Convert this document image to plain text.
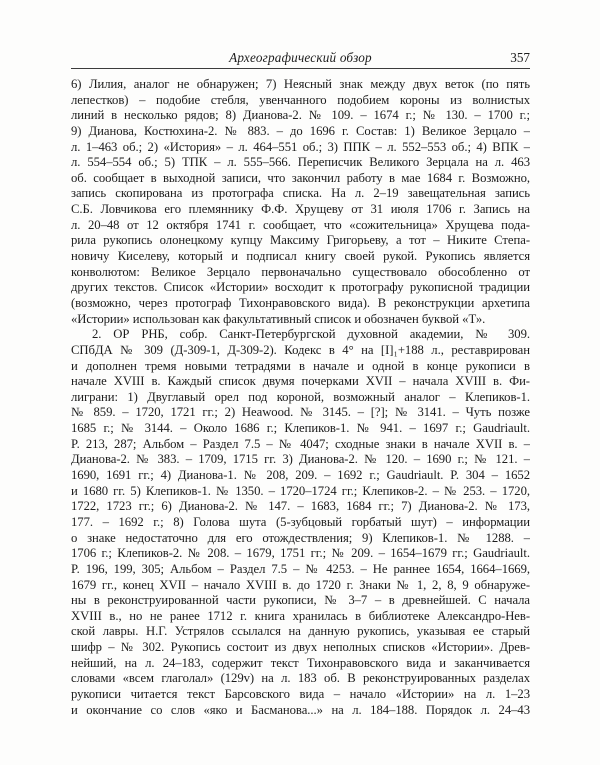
Археографический обзор	357
6) Лилия, аналог не обнаружен; 7) Неясный знак между двух веток (по пять
лепестков) – подобие стебля, увенчанного подобием короны из волнистых
линий в несколько рядов; 8) Дианова-2. № 109. – 1674 г.; № 130. – 1700 г.;
9) Дианова, Костюхина-2. № 883. – до 1696 г. Состав: 1) Великое Зерцало –
л. 1–463 об.; 2) «История» – л. 464–551 об.; 3) ППК – л. 552–553 об.; 4) ВПК –
л. 554–554 об.; 5) ТПК – л. 555–566. Переписчик Великого Зерцала на л. 463
об. сообщает в выходной записи, что закончил работу в мае 1684 г. Возможно,
запись скопирована из протографа списка. На л. 2–19 завещательная запись
С.Б. Ловчикова его племяннику Ф.Ф. Хрущеву от 31 июля 1706 г. Запись на
л. 20–48 от 12 октября 1741 г. сообщает, что «сожительница» Хрущева пода-
рила рукопись олонецкому купцу Максиму Григорьеву, а тот – Никите Степа-
новичу Киселеву, который и подписал книгу своей рукой. Рукопись является
конволютом: Великое Зерцало первоначально существовало обособленно от
других текстов. Список «Истории» восходит к протографу рукописной традиции
(возможно, через протограф Тихонравовского вида). В реконструкции архетипа
«Истории» использован как факультативный список и обозначен буквой «Т».
2. ОР РНБ, собр. Санкт-Петербургской духовной академии, № 309.
СПбДА № 309 (Д-309-1, Д-309-2). Кодекс в 4° на [I]₁+188 л., реставрирован
и дополнен тремя новыми тетрадями в начале и одной в конце рукописи в
начале XVIII в. Каждый список двумя почерками XVII – начала XVIII в. Фи-
лиграни: 1) Двуглавый орел под короной, возможный аналог – Клепиков-1.
№ 859. – 1720, 1721 гг.; 2) Heawood. № 3145. – [?]; № 3141. – Чуть позже
1685 г.; № 3144. – Около 1686 г.; Клепиков-1. № 941. – 1697 г.; Gaudriault.
P. 213, 287; Альбом – Раздел 7.5 – № 4047; сходные знаки в начале XVII в. –
Дианова-2. № 383. – 1709, 1715 гг. 3) Дианова-2. № 120. – 1690 г.; № 121. –
1690, 1691 гг.; 4) Дианова-1. № 208, 209. – 1692 г.; Gaudriault. P. 304 – 1652
и 1680 гг. 5) Клепиков-1. № 1350. – 1720–1724 гг.; Клепиков-2. – № 253. – 1720,
1722, 1723 гг.; 6) Дианова-2. № 147. – 1683, 1684 гг.; 7) Дианова-2. № 173,
177. – 1692 г.; 8) Голова шута (5-зубцовый горбатый шут) – информации
о знаке недостаточно для его отождествления; 9) Клепиков-1. № 1288. –
1706 г.; Клепиков-2. № 208. – 1679, 1751 гг.; № 209. – 1654–1679 гг.; Gaudriault.
P. 196, 199, 305; Альбом – Раздел 7.5 – № 4253. – Не раннее 1654, 1664–1669,
1679 гг., конец XVII – начало XVIII в. до 1720 г. Знаки № 1, 2, 8, 9 обнаруже-
ны в реконструированной части рукописи, № 3–7 – в древнейшей. С начала
XVIII в., но не ранее 1712 г. книга хранилась в библиотеке Александро-Нев-
ской лавры. Н.Г. Устрялов ссылался на данную рукопись, указывая ее старый
шифр – № 302. Рукопись состоит из двух неполных списков «Истории». Древ-
нейший, на л. 24–183, содержит текст Тихонравовского вида и заканчивается
словами «всем глаголал» (129v) на л. 183 об. В реконструированных разделах
рукописи читается текст Барсовского вида – начало «Истории» на л. 1–23
и окончание со слов «яко и Басманова...» на л. 184–188. Порядок л. 24–43
